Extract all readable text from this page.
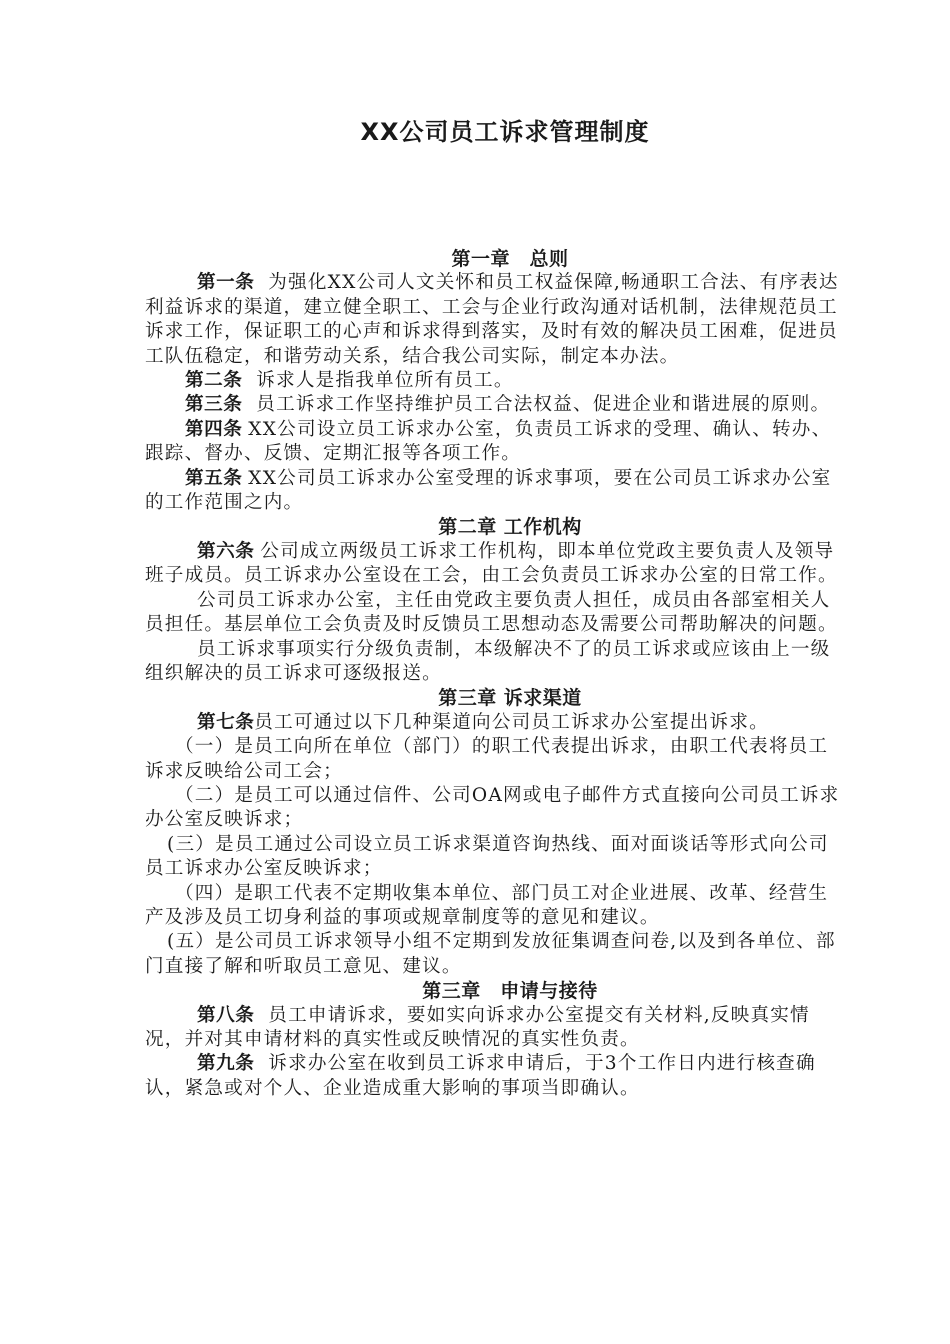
XX公司员工诉求管理制度
第一章　总则

第一条 为强化XX公司人文关怀和员工权益保障,畅通职工合法、有序表达利益诉求的渠道，建立健全职工、工会与企业行政沟通对话机制，法律规范员工诉求工作，保证职工的心声和诉求得到落实，及时有效的解决员工困难，促进员工队伍稳定，和谐劳动关系，结合我公司实际，制定本办法。

第二条 诉求人是指我单位所有员工。

第三条 员工诉求工作坚持维护员工合法权益、促进企业和谐进展的原则。

第四条 XX公司设立员工诉求办公室，负责员工诉求的受理、确认、转办、跟踪、督办、反馈、定期汇报等各项工作。

第五条 XX公司员工诉求办公室受理的诉求事项，要在公司员工诉求办公室的工作范围之内。

第二章 工作机构

第六条 公司成立两级员工诉求工作机构，即本单位党政主要负责人及领导班子成员。员工诉求办公室设在工会，由工会负责员工诉求办公室的日常工作。

公司员工诉求办公室，主任由党政主要负责人担任，成员由各部室相关人员担任。基层单位工会负责及时反馈员工思想动态及需要公司帮助解决的问题。

员工诉求事项实行分级负责制，本级解决不了的员工诉求或应该由上一级组织解决的员工诉求可逐级报送。

第三章 诉求渠道

第七条员工可通过以下几种渠道向公司员工诉求办公室提出诉求。

（一）是员工向所在单位（部门）的职工代表提出诉求，由职工代表将员工诉求反映给公司工会；

（二）是员工可以通过信件、公司OA网或电子邮件方式直接向公司员工诉求办公室反映诉求；

(三）是员工通过公司设立员工诉求渠道咨询热线、面对面谈话等形式向公司员工诉求办公室反映诉求；

（四）是职工代表不定期收集本单位、部门员工对企业进展、改革、经营生产及涉及员工切身利益的事项或规章制度等的意见和建议。

(五）是公司员工诉求领导小组不定期到发放征集调查问卷,以及到各单位、部门直接了解和听取员工意见、建议。

第三章　申请与接待

第八条 员工申请诉求，要如实向诉求办公室提交有关材料,反映真实情况，并对其申请材料的真实性或反映情况的真实性负责。

第九条 诉求办公室在收到员工诉求申请后，于3个工作日内进行核查确认，紧急或对个人、企业造成重大影响的事项当即确认。
